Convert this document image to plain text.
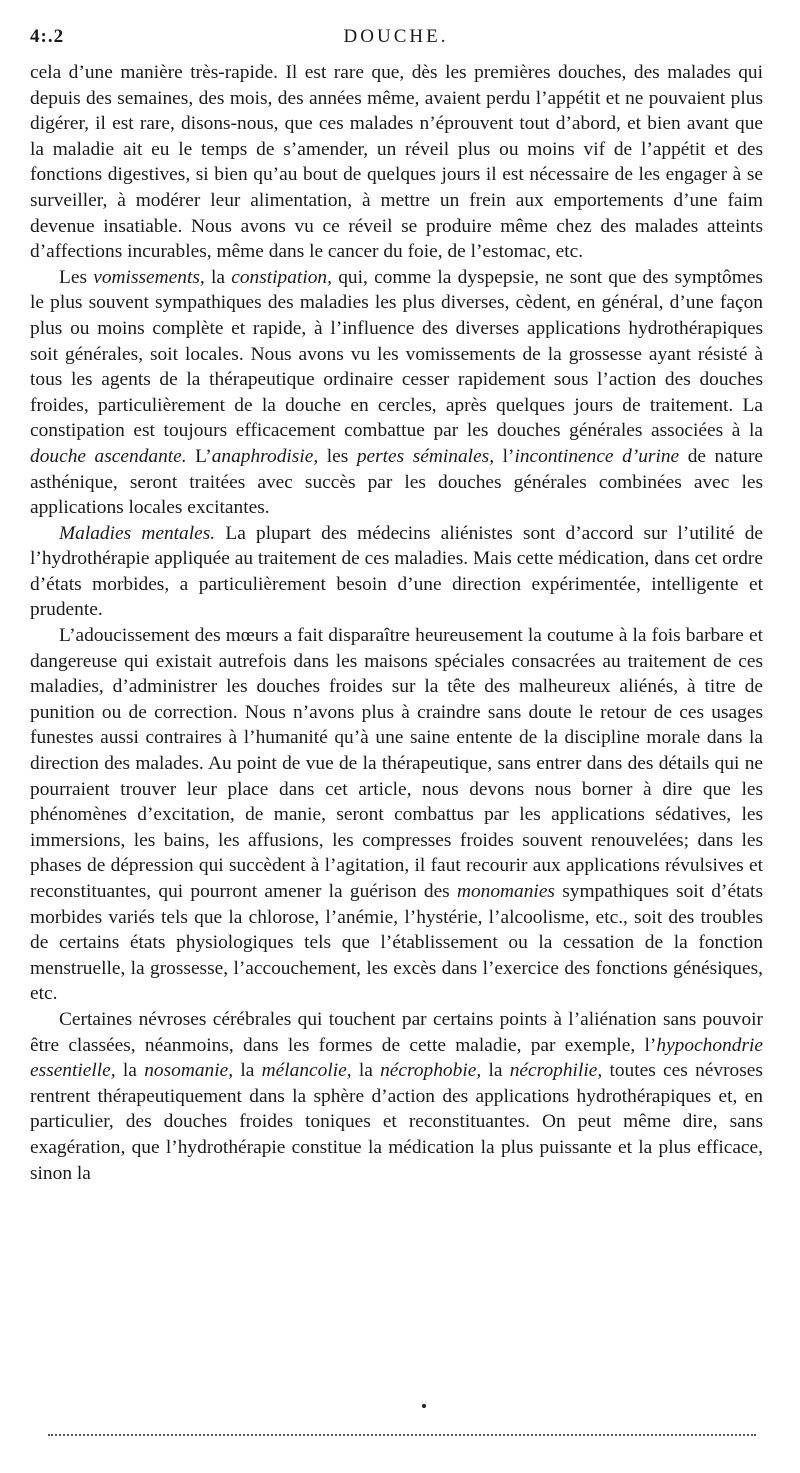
4:.2	DOUCHE.

cela d’une manière très-rapide. Il est rare que, dès les premières douches, des malades qui depuis des semaines, des mois, des années même, avaient perdu l’appétit et ne pouvaient plus digérer, il est rare, disons-nous, que ces malades n’éprouvent tout d’abord, et bien avant que la maladie ait eu le temps de s’amender, un réveil plus ou moins vif de l’appétit et des fonctions digestives, si bien qu’au bout de quelques jours il est nécessaire de les engager à se surveiller, à modérer leur alimentation, à mettre un frein aux emportements d’une faim devenue insatiable. Nous avons vu ce réveil se produire même chez des malades atteints d’affections incurables, même dans le cancer du foie, de l’estomac, etc.

Les vomissements, la constipation, qui, comme la dyspepsie, ne sont que des symptômes le plus souvent sympathiques des maladies les plus diverses, cèdent, en général, d’une façon plus ou moins complète et rapide, à l’influence des diverses applications hydrothérapiques soit générales, soit locales. Nous avons vu les vomissements de la grossesse ayant résisté à tous les agents de la thérapeutique ordinaire cesser rapidement sous l’action des douches froides, particulièrement de la douche en cercles, après quelques jours de traitement. La constipation est toujours efficacement combattue par les douches générales associées à la douche ascendante. L’anaphrodisie, les pertes séminales, l’incontinence d’urine de nature asthénique, seront traitées avec succès par les douches générales combinées avec les applications locales excitantes.

Maladies mentales. La plupart des médecins aliénistes sont d’accord sur l’utilité de l’hydrothérapie appliquée au traitement de ces maladies. Mais cette médication, dans cet ordre d’états morbides, a particulièrement besoin d’une direction expérimentée, intelligente et prudente.

L’adoucissement des mœurs a fait disparaître heureusement la coutume à la fois barbare et dangereuse qui existait autrefois dans les maisons spéciales consacrées au traitement de ces maladies, d’administrer les douches froides sur la tête des malheureux aliénés, à titre de punition ou de correction. Nous n’avons plus à craindre sans doute le retour de ces usages funestes aussi contraires à l’humanité qu’à une saine entente de la discipline morale dans la direction des malades. Au point de vue de la thérapeutique, sans entrer dans des détails qui ne pourraient trouver leur place dans cet article, nous devons nous borner à dire que les phénomènes d’excitation, de manie, seront combattus par les applications sédatives, les immersions, les bains, les affusions, les compresses froides souvent renouvelées; dans les phases de dépression qui succèdent à l’agitation, il faut recourir aux applications révulsives et reconstituantes, qui pourront amener la guérison des monomanies sympathiques soit d’états morbides variés tels que la chlorose, l’anémie, l’hystérie, l’alcoolisme, etc., soit des troubles de certains états physiologiques tels que l’établissement ou la cessation de la fonction menstruelle, la grossesse, l’accouchement, les excès dans l’exercice des fonctions génésiques, etc.

Certaines névroses cérébrales qui touchent par certains points à l’aliénation sans pouvoir être classées, néanmoins, dans les formes de cette maladie, par exemple, l’hypochondrie essentielle, la nosomanie, la mélancolie, la nécrophobie, la nécrophilie, toutes ces névroses rentrent thérapeutiquement dans la sphère d’action des applications hydrothérapiques et, en particulier, des douches froides toniques et reconstituantes. On peut même dire, sans exagération, que l’hydrothérapie constitue la médication la plus puissante et la plus efficace, sinon la
